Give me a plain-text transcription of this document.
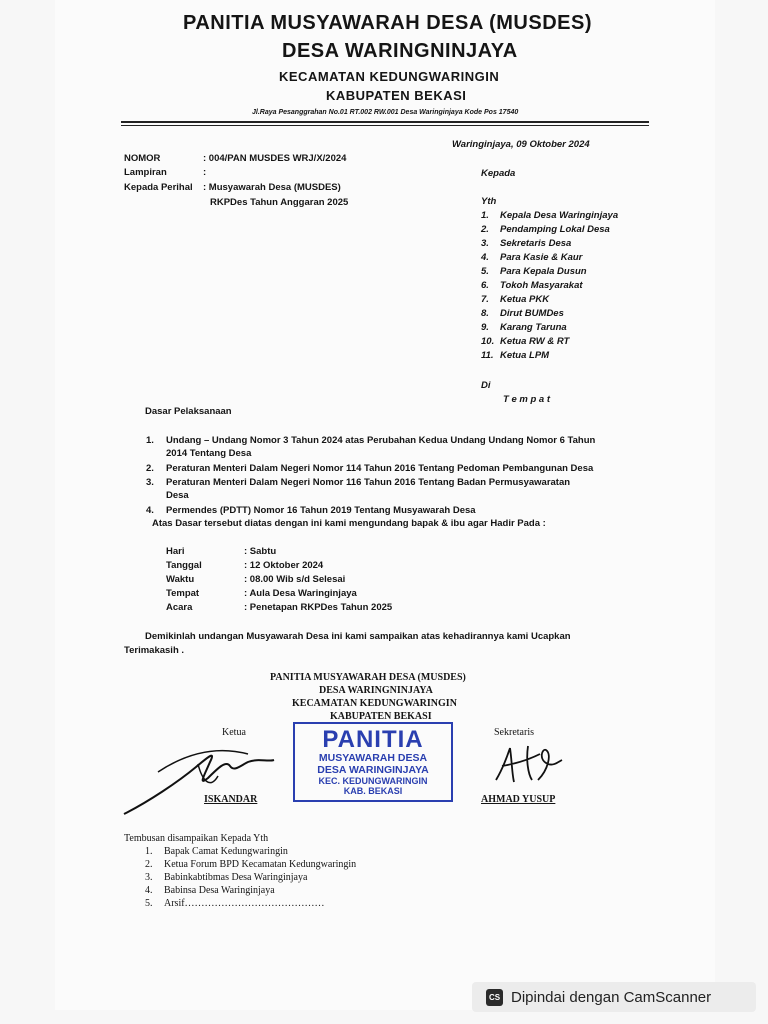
PANITIA MUSYAWARAH DESA (MUSDES)
DESA WARINGNINJAYA
KECAMATAN KEDUNGWARINGIN
KABUPATEN BEKASI
Jl.Raya Pesanggrahan No.01 RT.002 RW.001 Desa Waringinjaya Kode Pos 17540
Waringinjaya, 09 Oktober 2024
NOMOR	: 004/PAN MUSDES WRJ/X/2024
Lampiran	:
Kepada Perihal : Musyawarah Desa (MUSDES)
RKPDes Tahun Anggaran 2025
Kepada
Yth
1. Kepala Desa Waringinjaya
2. Pendamping Lokal Desa
3. Sekretaris Desa
4. Para Kasie & Kaur
5. Para Kepala Dusun
6. Tokoh Masyarakat
7. Ketua PKK
8. Dirut BUMDes
9. Karang Taruna
10. Ketua RW & RT
11. Ketua LPM
Di
T e m p a t
Dasar Pelaksanaan
1. Undang – Undang Nomor 3 Tahun 2024 atas Perubahan Kedua Undang Undang Nomor 6 Tahun
2014 Tentang Desa
2. Peraturan Menteri Dalam Negeri Nomor 114 Tahun 2016 Tentang Pedoman Pembangunan Desa
3. Peraturan Menteri Dalam Negeri Nomor 116 Tahun 2016 Tentang Badan Permusyawaratan
Desa
4. Permendes (PDTT) Nomor 16 Tahun 2019 Tentang Musyawarah Desa
Atas Dasar tersebut diatas dengan ini kami mengundang bapak & ibu agar Hadir Pada :
Hari	: Sabtu
Tanggal	: 12 Oktober 2024
Waktu	: 08.00 Wib s/d Selesai
Tempat	: Aula Desa Waringinjaya
Acara	: Penetapan RKPDes Tahun 2025
Demikinlah undangan Musyawarah Desa ini kami sampaikan atas kehadirannya kami Ucapkan
Terimakasih .
PANITIA MUSYAWARAH DESA (MUSDES)
DESA WARINGNINJAYA
KECAMATAN KEDUNGWARINGIN
KABUPATEN BEKASI
Ketua	Sekretaris
PANITIA
MUSYAWARAH DESA
DESA WARINGINJAYA
KEC. KEDUNGWARINGIN
KAB. BEKASI
ISKANDAR	AHMAD YUSUP
Tembusan disampaikan Kepada Yth
1. Bapak Camat Kedungwaringin
2. Ketua Forum BPD Kecamatan Kedungwaringin
3. Babinkabtibmas Desa Waringinjaya
4. Babinsa Desa Waringinjaya
5. Arsif……………………………………
CS Dipindai dengan CamScanner
